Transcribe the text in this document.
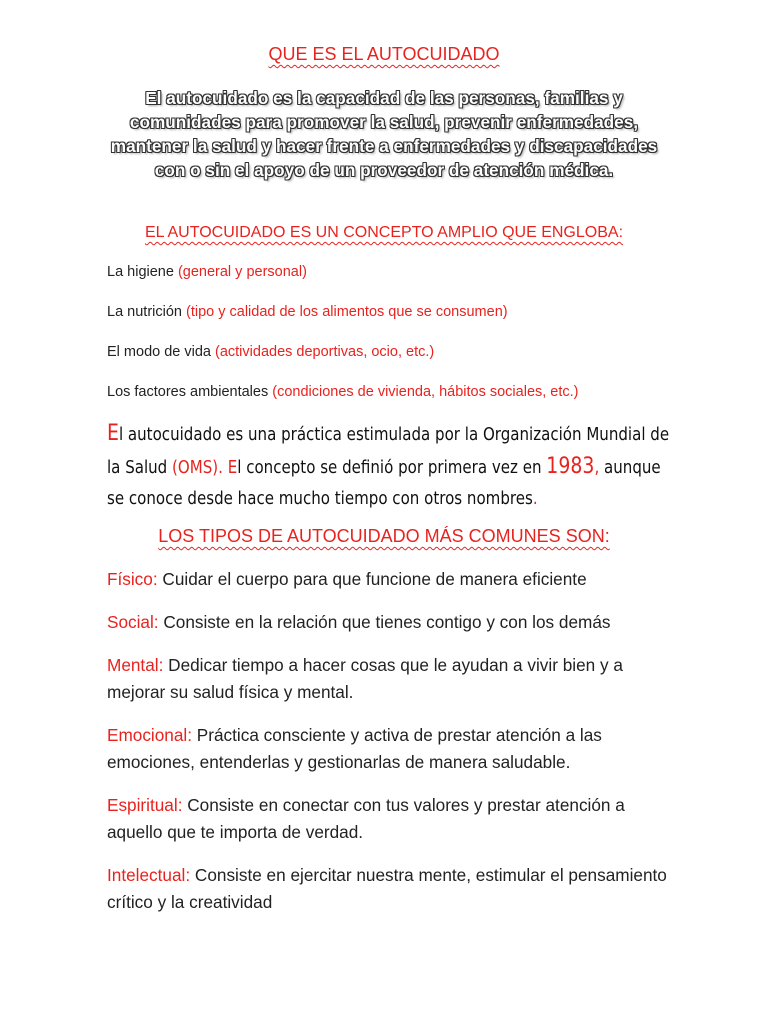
QUE ES EL AUTOCUIDADO
El autocuidado es la capacidad de las personas, familias y comunidades para promover la salud, prevenir enfermedades, mantener la salud y hacer frente a enfermedades y discapacidades con o sin el apoyo de un proveedor de atención médica.
EL AUTOCUIDADO ES UN CONCEPTO AMPLIO QUE ENGLOBA:
La higiene (general y personal)
La nutrición (tipo y calidad de los alimentos que se consumen)
El modo de vida (actividades deportivas, ocio, etc.)
Los factores ambientales (condiciones de vivienda, hábitos sociales, etc.)
El autocuidado es una práctica estimulada por la Organización Mundial de la Salud (OMS). El concepto se definió por primera vez en 1983, aunque se conoce desde hace mucho tiempo con otros nombres.
LOS TIPOS DE AUTOCUIDADO MÁS COMUNES SON:
Físico: Cuidar el cuerpo para que funcione de manera eficiente
Social: Consiste en la relación que tienes contigo y con los demás
Mental: Dedicar tiempo a hacer cosas que le ayudan a vivir bien y a mejorar su salud física y mental.
Emocional: Práctica consciente y activa de prestar atención a las emociones, entenderlas y gestionarlas de manera saludable.
Espiritual: Consiste en conectar con tus valores y prestar atención a aquello que te importa de verdad.
Intelectual: Consiste en ejercitar nuestra mente, estimular el pensamiento crítico y la creatividad
